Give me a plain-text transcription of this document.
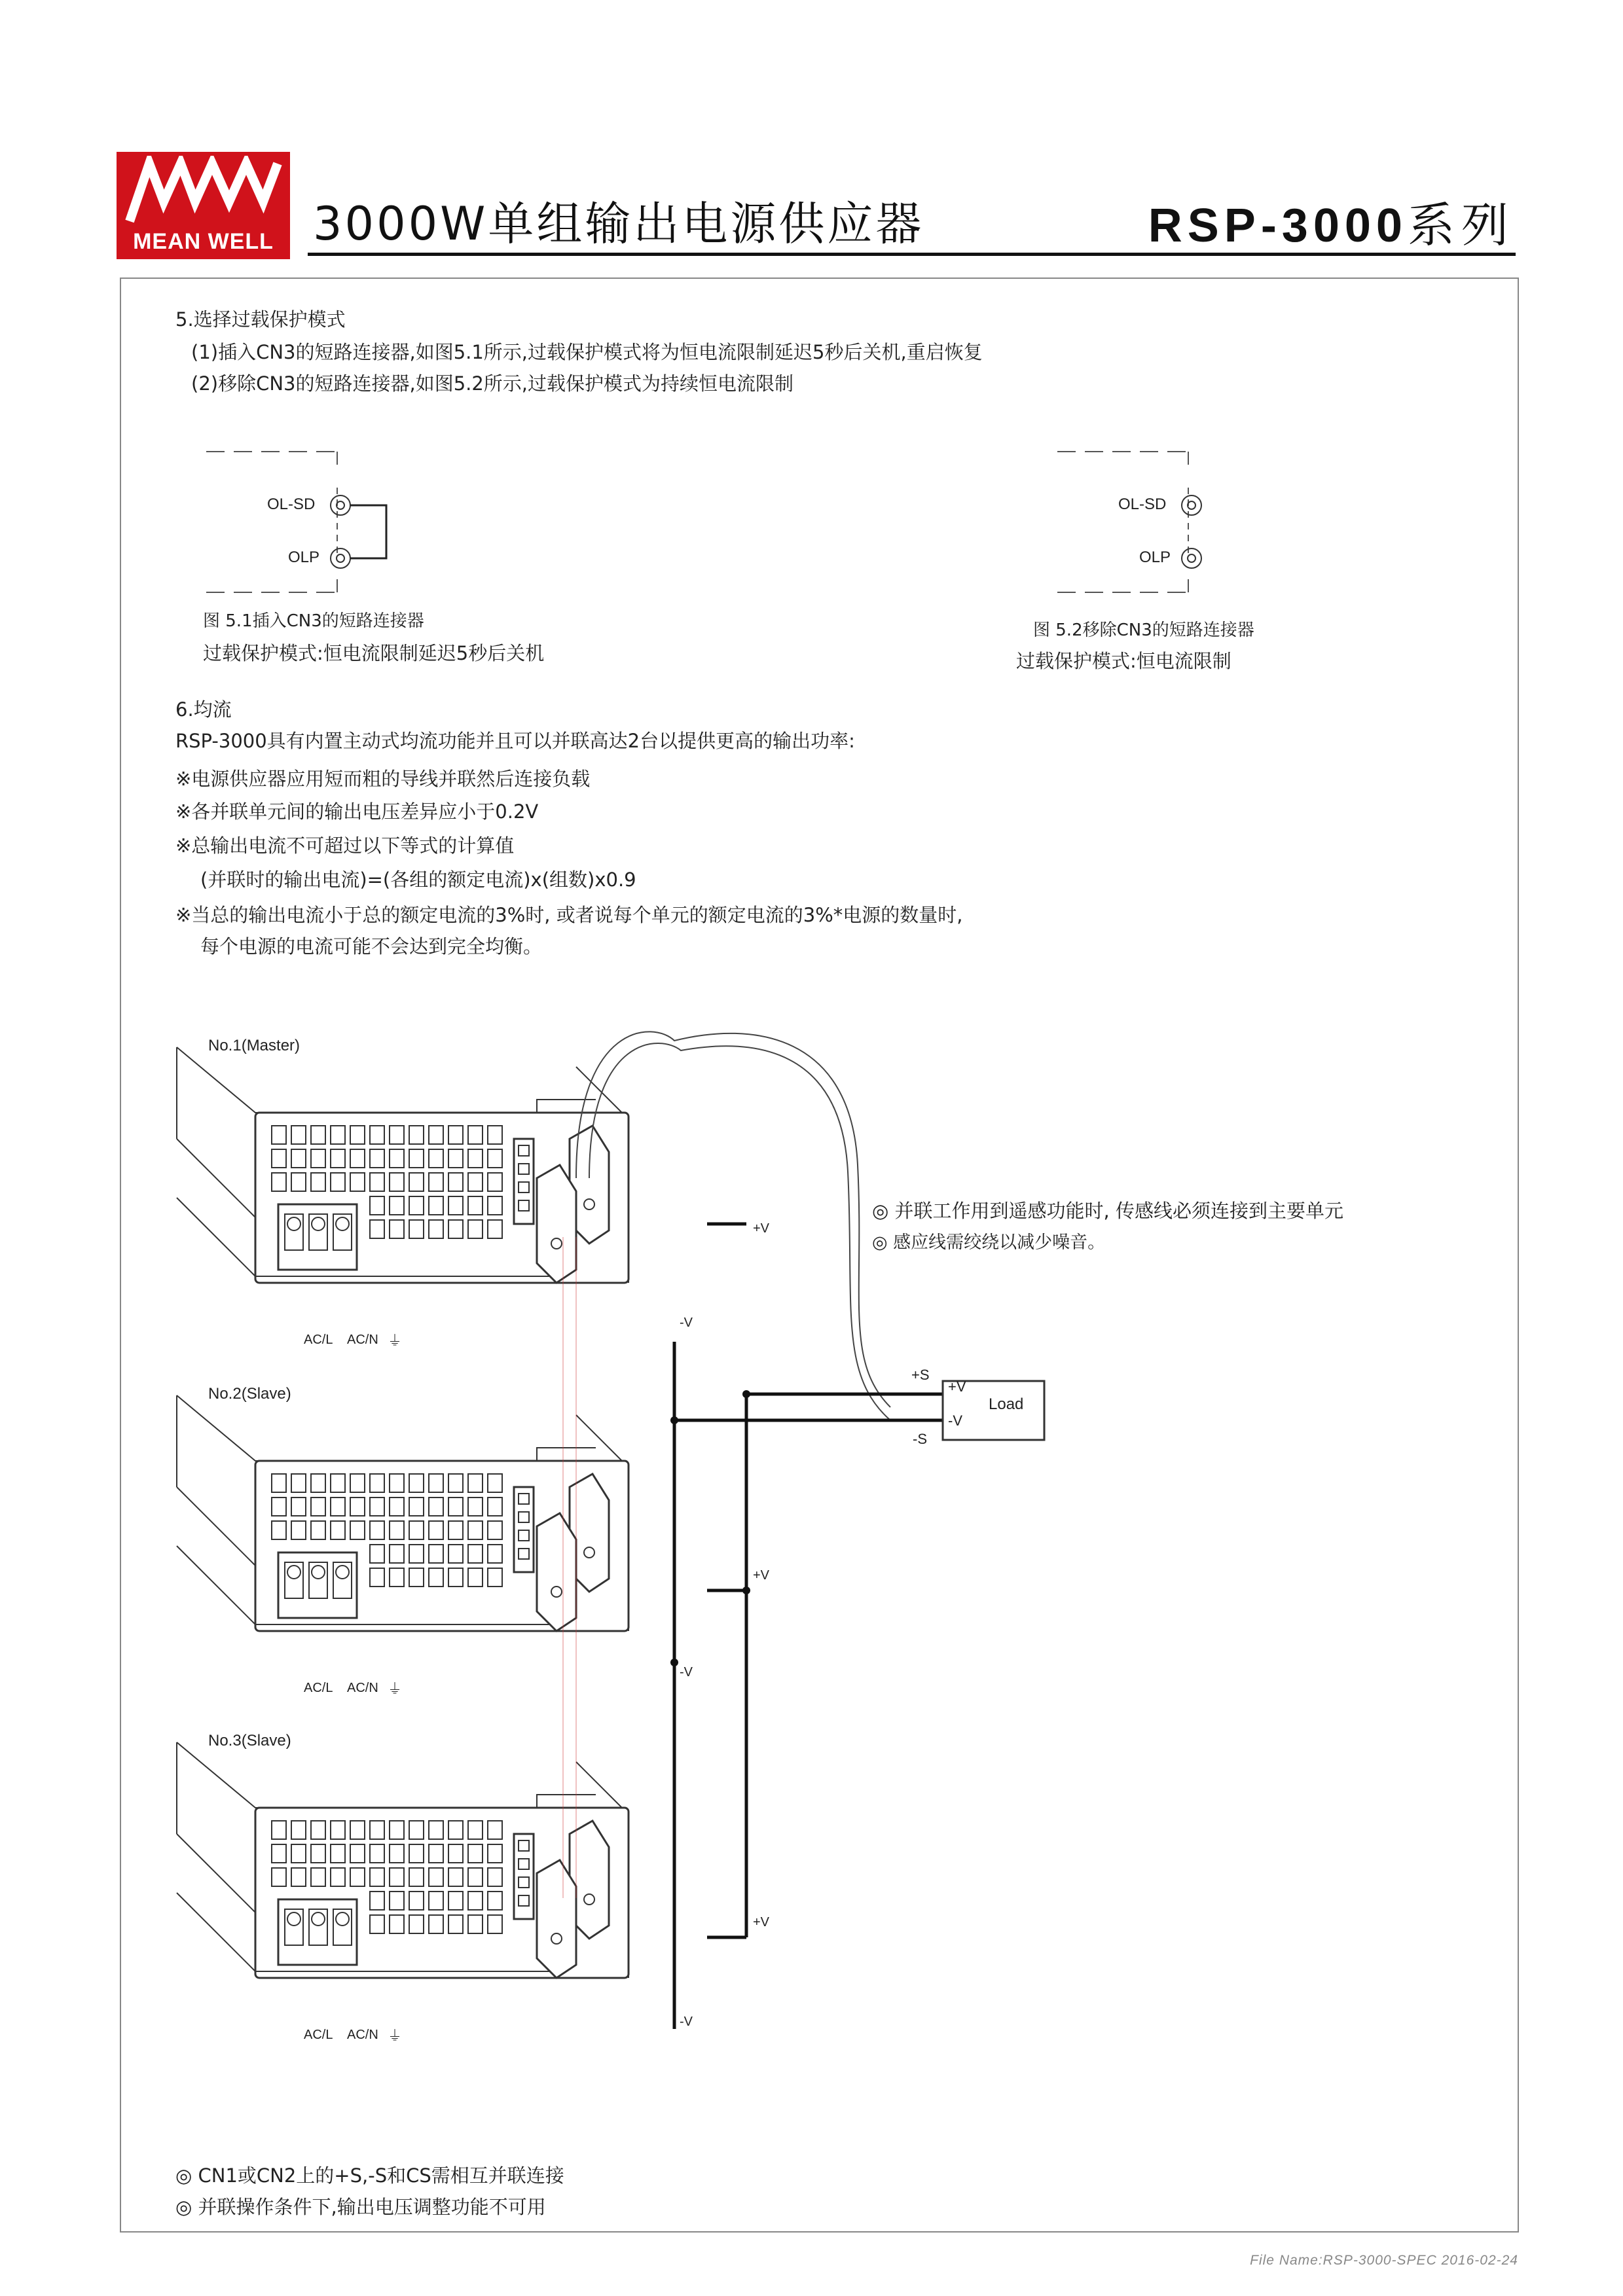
MEAN WELL 3000W单组输出电源供应器	RSP-3000系列
5.选择过载保护模式
(1)插入CN3的短路连接器,如图5.1所示,过载保护模式将为恒电流限制延迟5秒后关机,重启恢复
(2)移除CN3的短路连接器,如图5.2所示,过载保护模式为持续恒电流限制
OL-SD
OLP
OL-SD
OLP
图 5.1插入CN3的短路连接器
过载保护模式:恒电流限制延迟5秒后关机
图 5.2移除CN3的短路连接器
过载保护模式:恒电流限制
6.均流
RSP-3000具有内置主动式均流功能并且可以并联高达2台以提供更高的输出功率:
※电源供应器应用短而粗的导线并联然后连接负载
※各并联单元间的输出电压差异应小于0.2V
※总输出电流不可超过以下等式的计算值
(并联时的输出电流)=(各组的额定电流)x(组数)x0.9
※当总的输出电流小于总的额定电流的3%时, 或者说每个单元的额定电流的3%*电源的数量时,
每个电源的电流可能不会达到完全均衡。
No.1(Master)
No.2(Slave)
No.3(Slave)
AC/L AC/N ⏚
AC/L AC/N ⏚
AC/L AC/N ⏚
+V
-V
+V
-V
+V
-V
+S
-S
+V
-V
Load
◎ 并联工作用到遥感功能时, 传感线必须连接到主要单元
◎ 感应线需绞绕以减少噪音。
◎ CN1或CN2上的+S,-S和CS需相互并联连接
◎ 并联操作条件下,输出电压调整功能不可用
File Name:RSP-3000-SPEC 2016-02-24
